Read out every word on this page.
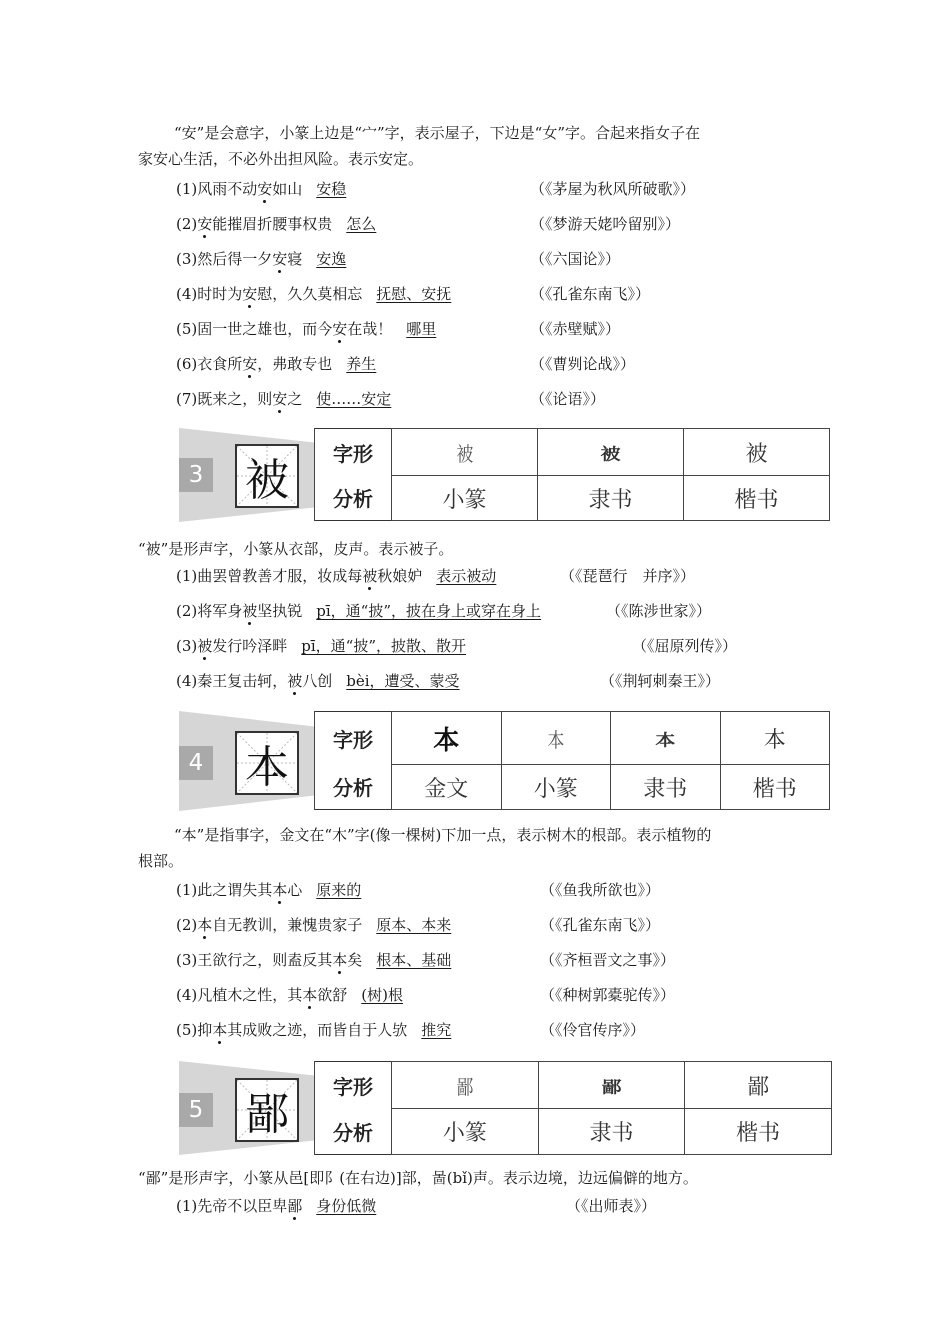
“安”是会意字，小篆上边是“宀”字，表示屋子，下边是“女”字。合起来指女子在
家安心生活，不必外出担风险。表示安定。
(1)风雨不动安如山 安稳	（《茅屋为秋风所破歌》）
(2)安能摧眉折腰事权贵 怎么	（《梦游天姥吟留别》）
(3)然后得一夕安寝 安逸	（《六国论》）
(4)时时为安慰，久久莫相忘 抚慰、安抚	（《孔雀东南飞》）
(5)固一世之雄也，而今安在哉！ 哪里	（《赤壁赋》）
(6)衣食所安，弗敢专也 养生	（《曹刿论战》）
(7)既来之，则安之 使……安定	（《论语》）
3 被
字形	被	被	被
分析	小篆	隶书	楷书
“被”是形声字，小篆从衣部，皮声。表示被子。
(1)曲罢曾教善才服，妆成每被秋娘妒 表示被动	（《琵琶行　并序》）
(2)将军身被坚执锐 pī，通“披”，披在身上或穿在身上	（《陈涉世家》）
(3)被发行吟泽畔 pī，通“披”，披散、散开	（《屈原列传》）
(4)秦王复击轲，被八创 bèi，遭受、蒙受	（《荆轲刺秦王》）
4 本
字形	本	本	本	本
分析	金文	小篆	隶书	楷书
“本”是指事字，金文在“木”字(像一棵树)下加一点，表示树木的根部。表示植物的
根部。
(1)此之谓失其本心 原来的	（《鱼我所欲也》）
(2)本自无教训，兼愧贵家子 原本、本来	（《孔雀东南飞》）
(3)王欲行之，则盍反其本矣 根本、基础	（《齐桓晋文之事》）
(4)凡植木之性，其本欲舒 (树)根	（《种树郭橐驼传》）
(5)抑本其成败之迹，而皆自于人欤 推究	（《伶官传序》）
5 鄙
字形	鄙	鄙	鄙
分析	小篆	隶书	楷书
“鄙”是形声字，小篆从邑[即阝(在右边)]部，啚(bǐ)声。表示边境，边远偏僻的地方。
(1)先帝不以臣卑鄙 身份低微	（《出师表》）
